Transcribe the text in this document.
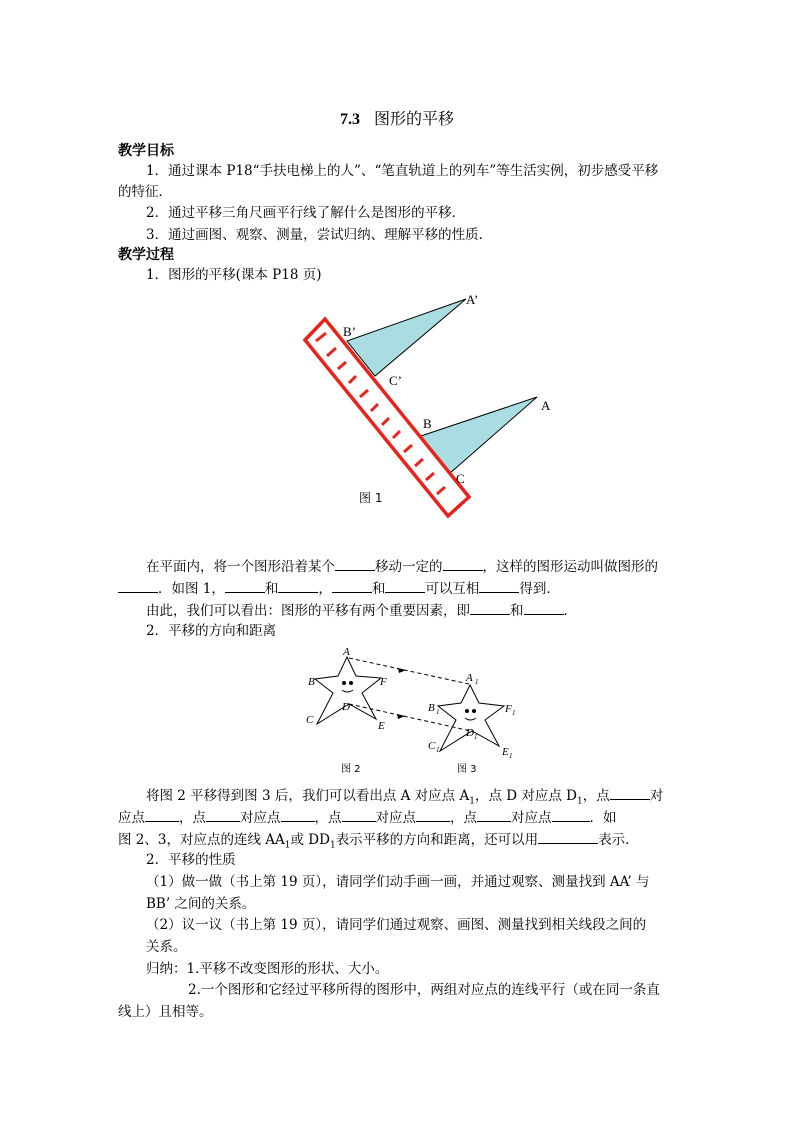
7.3 图形的平移
教学目标
1．通过课本 P18“手扶电梯上的人”、“笔直轨道上的列车”等生活实例，初步感受平移
的特征．
2．通过平移三角尺画平行线了解什么是图形的平移．
3．通过画图、观察、测量，尝试归纳、理解平移的性质．
教学过程
1．图形的平移(课本 P18 页)
A’
B’
C’
A
B
C
图 1
在平面内，将一个图形沿着某个	移动一定的	，这样的图形运动叫做图形的
．如图 1，	和	，	和	可以互相	得到．
由此，我们可以看出：图形的平移有两个重要因素，即	和	．
2．平移的方向和距离
A
B	F
D
C	E
A 1
B 1	F 1
D 1
C 1	E 1
图 2	图 3
将图 2 平移得到图 3 后，我们可以看出点 A 对应点 $A_1$，点 D 对应点 $D_1$，点	对
应点	，点	对应点	，点	对应点	，点	对应点	．如
图 2、3，对应点的连线 $AA_1$或 $DD_1$表示平移的方向和距离，还可以用	表示．
2．平移的性质
（1）做一做（书上第 19 页），请同学们动手画一画，并通过观察、测量找到 AA’ 与
BB’ 之间的关系。
（2）议一议（书上第 19 页），请同学们通过观察、画图、测量找到相关线段之间的
关系。
归纳：1.平移不改变图形的形状、大小。
2.一个图形和它经过平移所得的图形中，两组对应点的连线平行（或在同一条直
线上）且相等。
